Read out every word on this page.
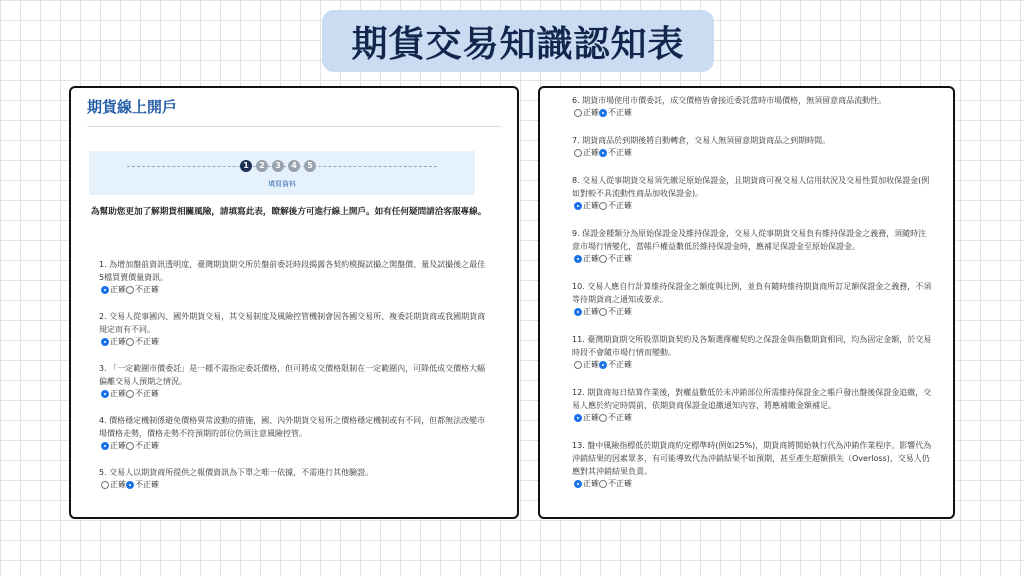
期貨交易知識認知表
期貨線上開戶
1	2	3	4	5
填寫資料
為幫助您更加了解期貨相關風險，請填寫此表，瞭解後方可進行線上開戶。如有任何疑問請洽客服專線。
1. 為增加盤前資訊透明度，臺灣期貨期交所於盤前委託時段揭露各契約模擬試撮之開盤價、量及試撮後之最佳5檔買賣價量資訊。
正確 不正確
2. 交易人從事國內、國外期貨交易，其交易制度及風險控管機制會因各國交易所、複委託期貨商或我國期貨商規定而有不同。
正確 不正確
3. 「一定範圍市價委託」是一種不需指定委託價格，但可將成交價格限制在一定範圍內，可降低成交價格大幅偏離交易人預期之情況。
正確 不正確
4. 價格穩定機制係避免價格異常波動的措施，國、內外期貨交易所之價格穩定機制或有不同，但都無法改變市場價格走勢，價格走勢不符預期的部位仍須注意風險控管。
正確 不正確
5. 交易人以期貨商所提供之報價資訊為下單之唯一依據，不需進行其他驗證。
正確 不正確
6. 期貨市場使用市價委託，成交價格皆會接近委託當時市場價格，無須留意商品流動性。
正確 不正確
7. 期貨商品於到期後將自動轉倉，交易人無須留意期貨商品之到期時間。
正確 不正確
8. 交易人從事期貨交易須先繳足原始保證金，且期貨商可視交易人信用狀況及交易性質加收保證金(例如對較不具流動性商品加收保證金)。
正確 不正確
9. 保證金種類分為原始保證金及維持保證金，交易人從事期貨交易負有維持保證金之義務，須隨時注意市場行情變化，當帳戶權益數低於維持保證金時，應補足保證金至原始保證金。
正確 不正確
10. 交易人應自行計算維持保證金之額度與比例，並負有隨時維持期貨商所訂足額保證金之義務，不須等待期貨商之通知或要求。
正確 不正確
11. 臺灣期貨期交所股票期貨契約及各類選擇權契約之保證金與指數期貨相同，均為固定金額，於交易時段不會隨市場行情而變動。
正確 不正確
12. 期貨商每日結算作業後，對權益數低於未沖銷部位所需維持保證金之帳戶發出盤後保證金追繳，交易人應於約定時間前，依期貨商保證金追繳通知內容，將應補繳金額補足。
正確 不正確
13. 盤中風險指標低於期貨商約定標準時(例如25%)，期貨商將開始執行代為沖銷作業程序。影響代為沖銷結果的因素眾多，有可能導致代為沖銷結果不如預期，甚至產生超額損失（Overloss)，交易人仍應對其沖銷結果負責。
正確 不正確
